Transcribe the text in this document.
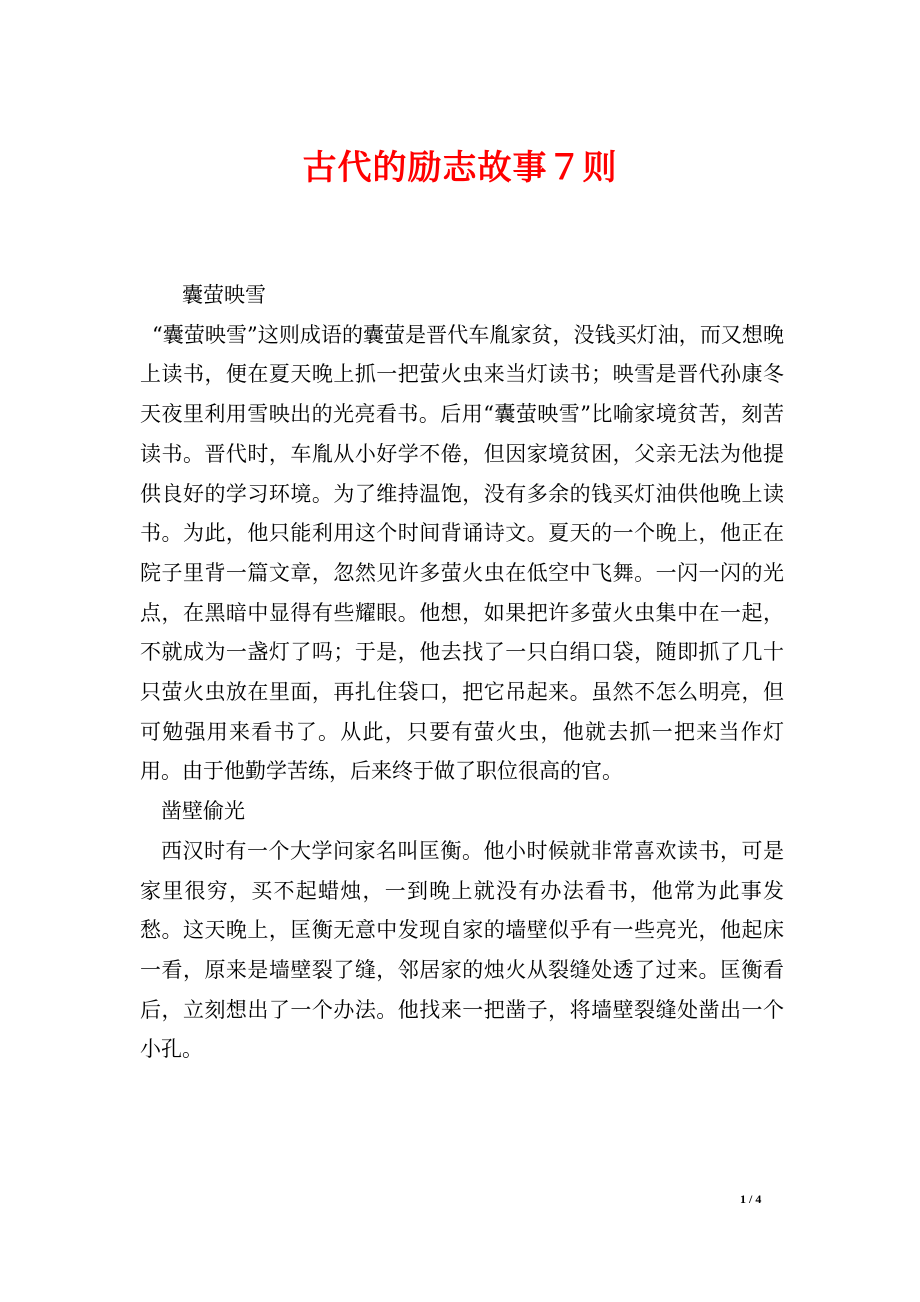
古代的励志故事７则

囊萤映雪

“囊萤映雪”这则成语的囊萤是晋代车胤家贫，没钱买灯油，而又想晚上读书，便在夏天晚上抓一把萤火虫来当灯读书；映雪是晋代孙康冬天夜里利用雪映出的光亮看书。后用“囊萤映雪”比喻家境贫苦，刻苦读书。晋代时，车胤从小好学不倦，但因家境贫困，父亲无法为他提供良好的学习环境。为了维持温饱，没有多余的钱买灯油供他晚上读书。为此，他只能利用这个时间背诵诗文。夏天的一个晚上，他正在院子里背一篇文章，忽然见许多萤火虫在低空中飞舞。一闪一闪的光点，在黑暗中显得有些耀眼。他想，如果把许多萤火虫集中在一起，不就成为一盏灯了吗；于是，他去找了一只白绢口袋，随即抓了几十只萤火虫放在里面，再扎住袋口，把它吊起来。虽然不怎么明亮，但可勉强用来看书了。从此，只要有萤火虫，他就去抓一把来当作灯用。由于他勤学苦练，后来终于做了职位很高的官。

凿壁偷光

西汉时有一个大学问家名叫匡衡。他小时候就非常喜欢读书，可是家里很穷，买不起蜡烛，一到晚上就没有办法看书，他常为此事发愁。这天晚上，匡衡无意中发现自家的墙壁似乎有一些亮光，他起床一看，原来是墙壁裂了缝，邻居家的烛火从裂缝处透了过来。匡衡看后，立刻想出了一个办法。他找来一把凿子，将墙壁裂缝处凿出一个小孔。

1 / 4
